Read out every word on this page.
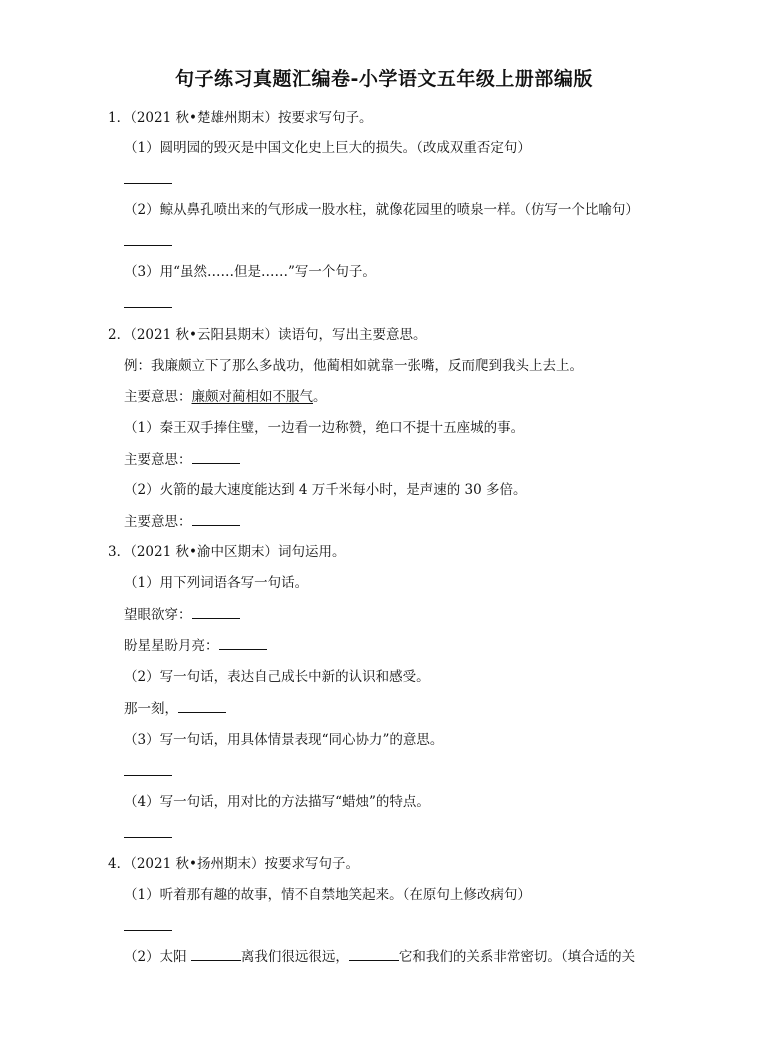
句子练习真题汇编卷-小学语文五年级上册部编版
1．（2021 秋•楚雄州期末）按要求写句子。
（1）圆明园的毁灭是中国文化史上巨大的损失。（改成双重否定句）
（2）鲸从鼻孔喷出来的气形成一股水柱，就像花园里的喷泉一样。（仿写一个比喻句）
（3）用“虽然……但是……”写一个句子。
2．（2021 秋•云阳县期末）读语句，写出主要意思。
例：我廉颇立下了那么多战功，他蔺相如就靠一张嘴，反而爬到我头上去上。
主要意思：廉颇对蔺相如不服气。
（1）秦王双手捧住璧，一边看一边称赞，绝口不提十五座城的事。
主要意思：
（2）火箭的最大速度能达到 4 万千米每小时，是声速的 30 多倍。
主要意思：
3．（2021 秋•渝中区期末）词句运用。
（1）用下列词语各写一句话。
望眼欲穿：
盼星星盼月亮：
（2）写一句话，表达自己成长中新的认识和感受。
那一刻，
（3）写一句话，用具体情景表现“同心协力”的意思。
（4）写一句话，用对比的方法描写“蜡烛”的特点。
4．（2021 秋•扬州期末）按要求写句子。
（1）听着那有趣的故事，情不自禁地笑起来。（在原句上修改病句）
（2）太阳	离我们很远很远，	它和我们的关系非常密切。（填合适的关
